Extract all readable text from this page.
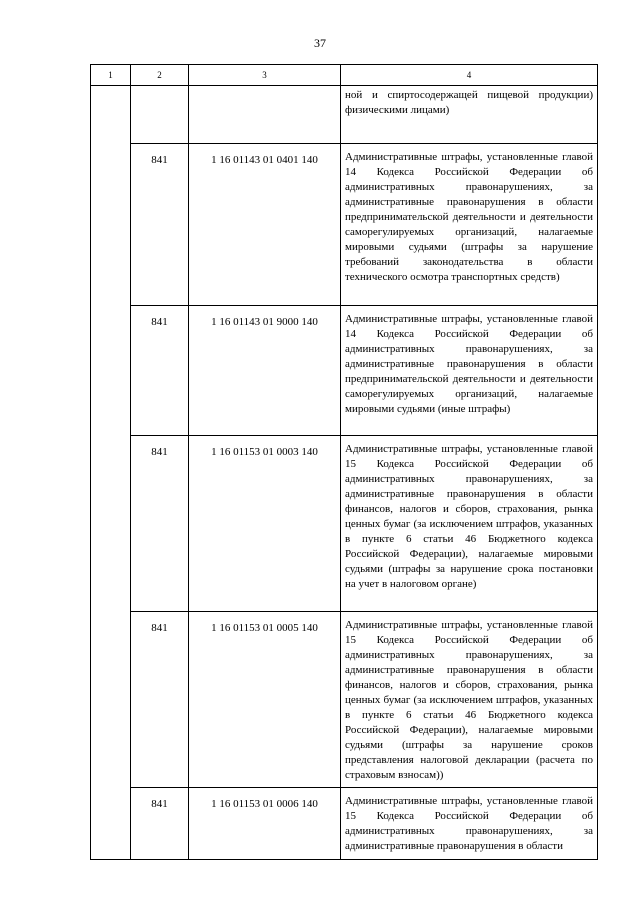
37
1	2	3	4
			ной и спиртосодержащей пищевой продукции) физическими лицами)
	841	1 16 01143 01 0401 140	Административные штрафы, установленные главой 14 Кодекса Российской Федерации об административных правонарушениях, за административные правонарушения в области предпринимательской деятельности и деятельности саморегулируемых организаций, налагаемые мировыми судьями (штрафы за нарушение требований законодательства в области технического осмотра транспортных средств)
	841	1 16 01143 01 9000 140	Административные штрафы, установленные главой 14 Кодекса Российской Федерации об административных правонарушениях, за административные правонарушения в области предпринимательской деятельности и деятельности саморегулируемых организаций, налагаемые мировыми судьями (иные штрафы)
	841	1 16 01153 01 0003 140	Административные штрафы, установленные главой 15 Кодекса Российской Федерации об административных правонарушениях, за административные правонарушения в области финансов, налогов и сборов, страхования, рынка ценных бумаг (за исключением штрафов, указанных в пункте 6 статьи 46 Бюджетного кодекса Российской Федерации), налагаемые мировыми судьями (штрафы за нарушение срока постановки на учет в налоговом органе)
	841	1 16 01153 01 0005 140	Административные штрафы, установленные главой 15 Кодекса Российской Федерации об административных правонарушениях, за административные правонарушения в области финансов, налогов и сборов, страхования, рынка ценных бумаг (за исключением штрафов, указанных в пункте 6 статьи 46 Бюджетного кодекса Российской Федерации), налагаемые мировыми судьями (штрафы за нарушение сроков представления налоговой декларации (расчета по страховым взносам))
	841	1 16 01153 01 0006 140	Административные штрафы, установленные главой 15 Кодекса Российской Федерации об административных правонарушениях, за административные правонарушения в области
